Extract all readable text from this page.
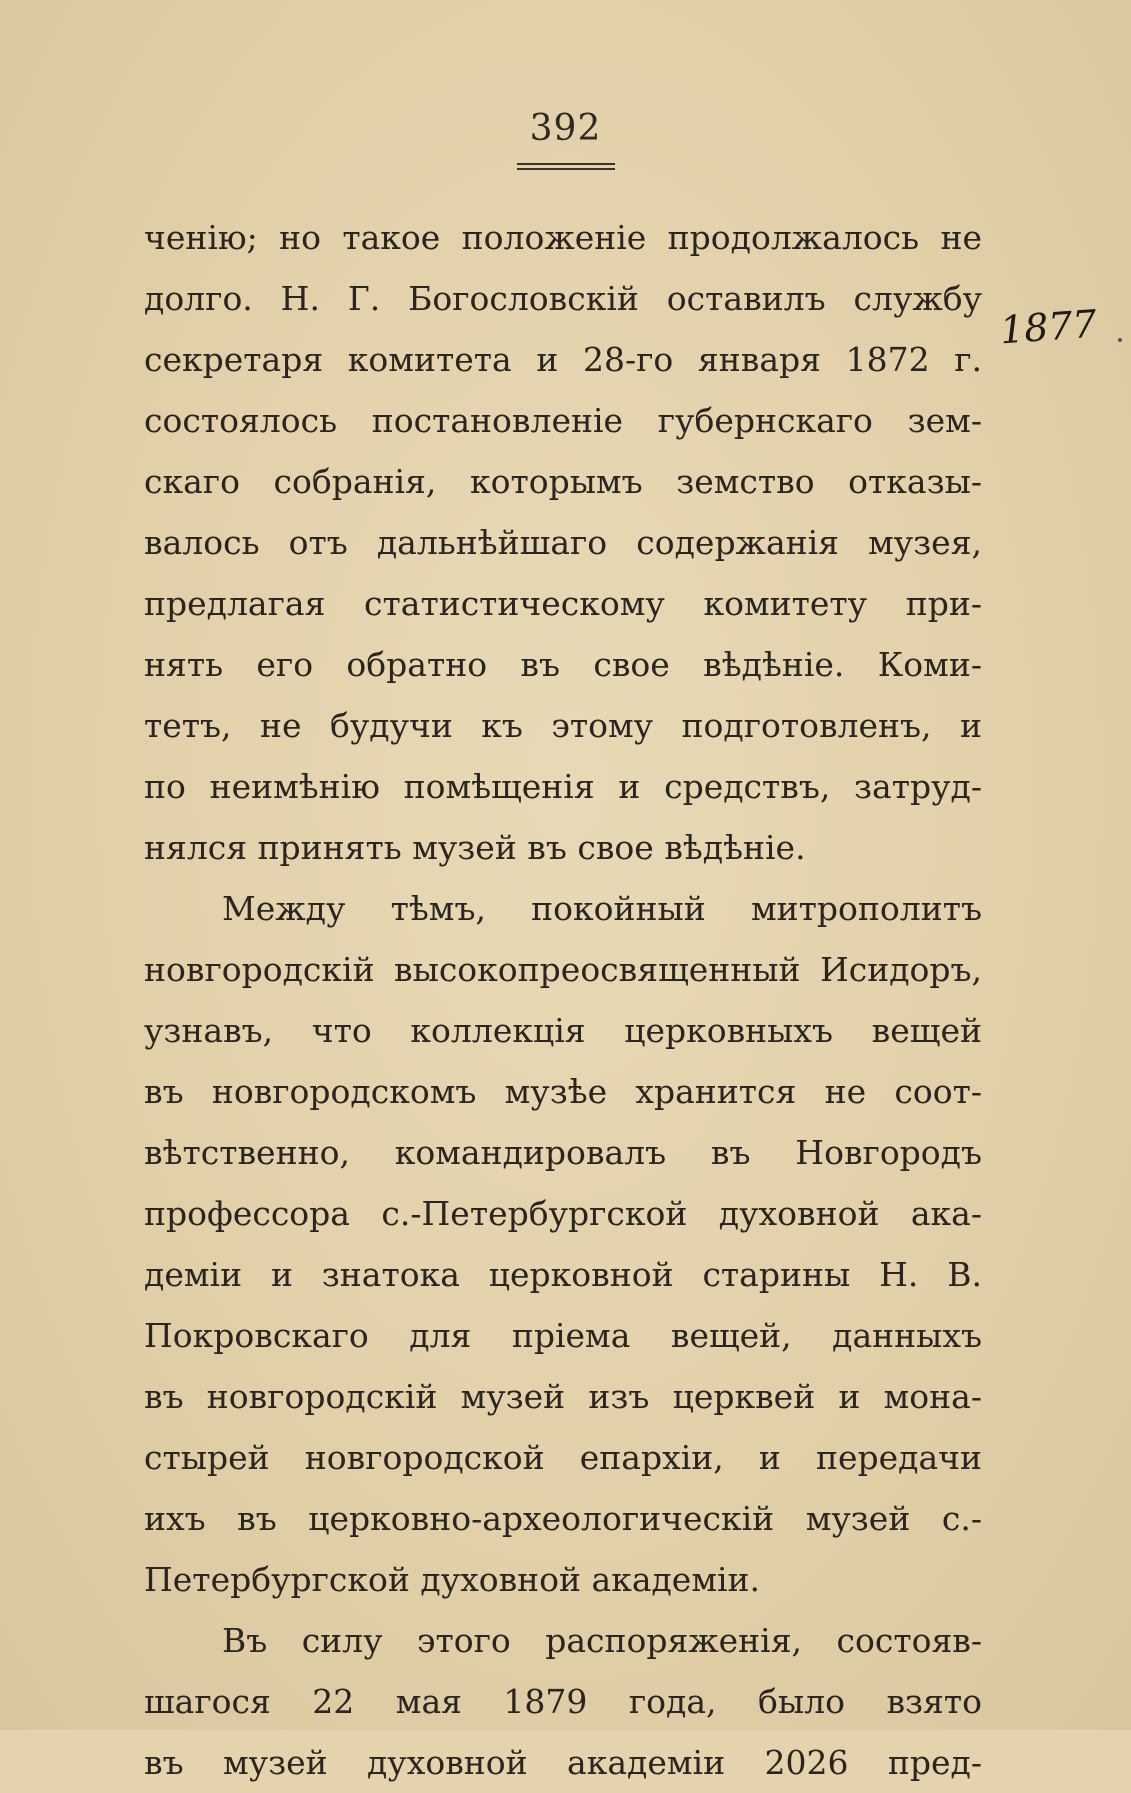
392
1877
ченію; но такое положеніе продолжалось не
долго. Н. Г. Богословскій оставилъ службу
секретаря комитета и 28-го января 1872 г.
состоялось постановленіе губернскаго зем-
скаго собранія, которымъ земство отказы-
валось отъ дальнѣйшаго содержанія музея,
предлагая статистическому комитету при-
нять его обратно въ свое вѣдѣніе. Коми-
тетъ, не будучи къ этому подготовленъ, и
по неимѣнію помѣщенія и средствъ, затруд-
нялся принять музей въ свое вѣдѣніе.
Между тѣмъ, покойный митрополитъ
новгородскій высокопреосвященный Исидоръ,
узнавъ, что коллекція церковныхъ вещей
въ новгородскомъ музѣе хранится не соот-
вѣтственно, командировалъ въ Новгородъ
профессора с.-Петербургской духовной ака-
деміи и знатока церковной старины Н. В.
Покровскаго для пріема вещей, данныхъ
въ новгородскій музей изъ церквей и мона-
стырей новгородской епархіи, и передачи
ихъ въ церковно-археологическій музей с.-
Петербургской духовной академіи.
Въ силу этого распоряженія, состояв-
шагося 22 мая 1879 года, было взято
въ музей духовной академіи 2026 пред-
